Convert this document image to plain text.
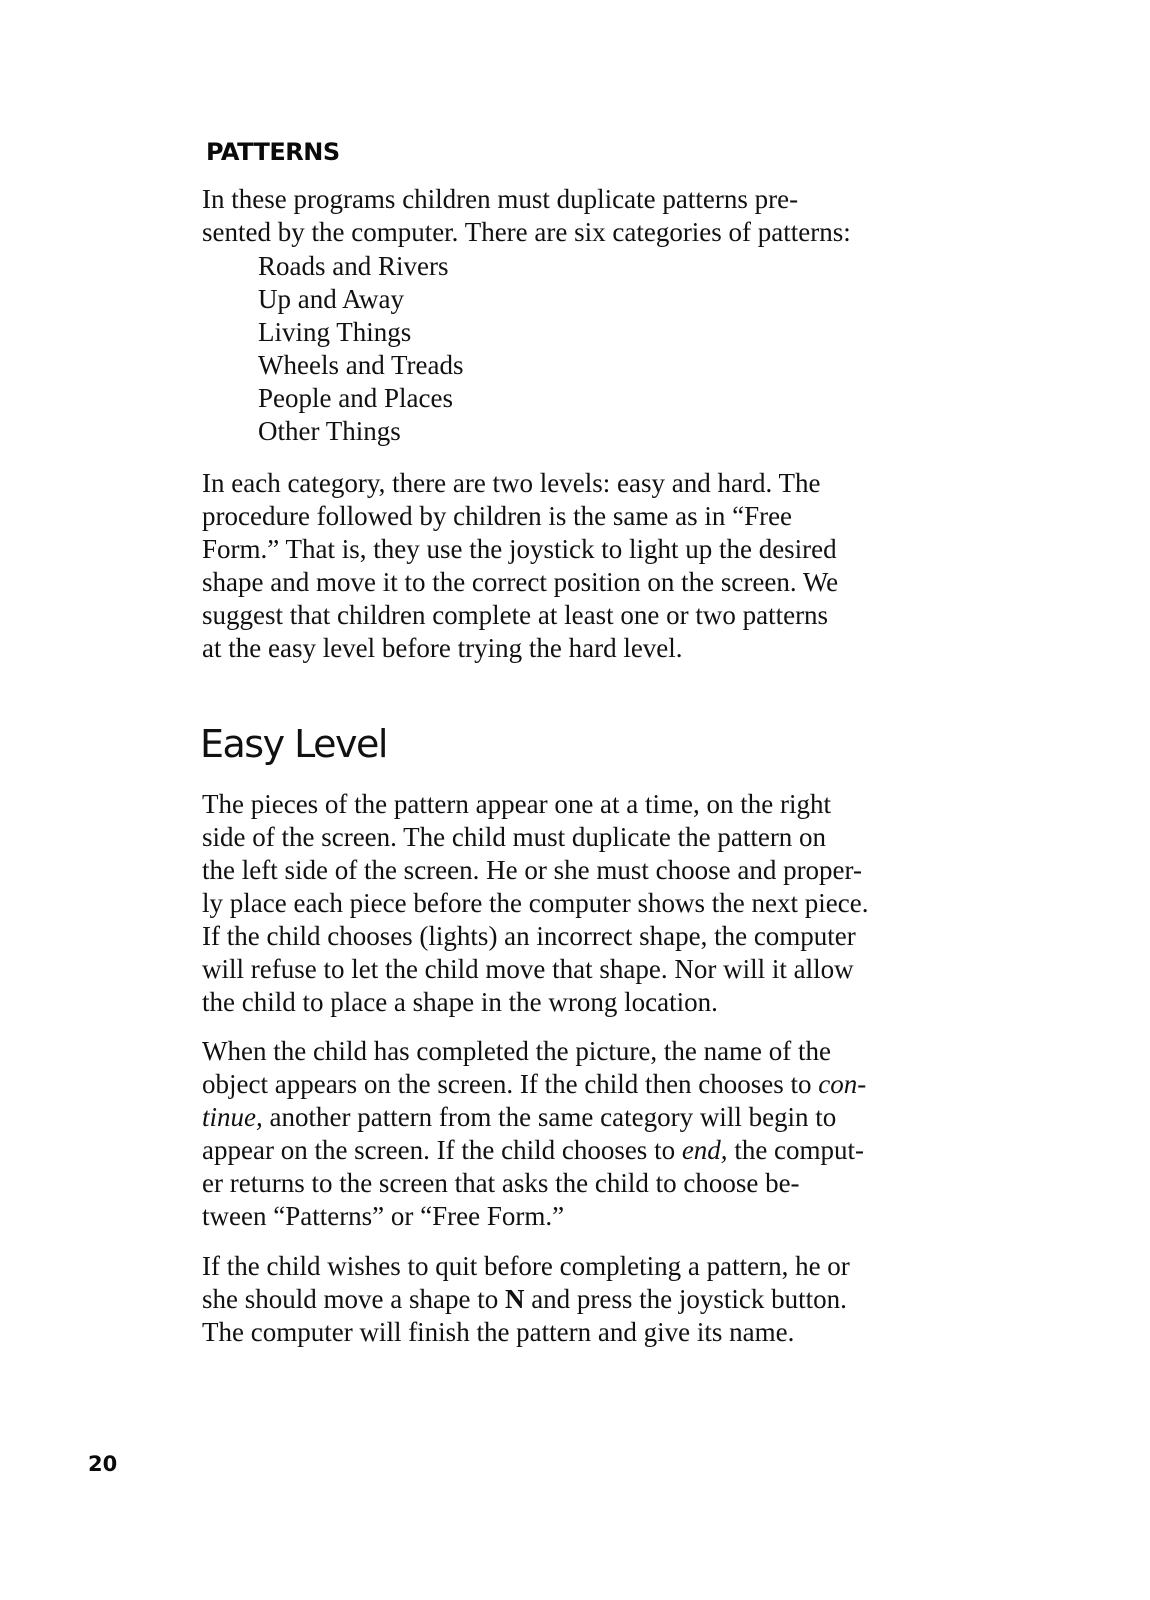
PATTERNS

In these programs children must duplicate patterns pre-
sented by the computer. There are six categories of patterns:

Roads and Rivers
Up and Away
Living Things
Wheels and Treads
People and Places
Other Things

In each category, there are two levels: easy and hard. The
procedure followed by children is the same as in “Free
Form.” That is, they use the joystick to light up the desired
shape and move it to the correct position on the screen. We
suggest that children complete at least one or two patterns
at the easy level before trying the hard level.

Easy Level

The pieces of the pattern appear one at a time, on the right
side of the screen. The child must duplicate the pattern on
the left side of the screen. He or she must choose and proper-
ly place each piece before the computer shows the next piece.
If the child chooses (lights) an incorrect shape, the computer
will refuse to let the child move that shape. Nor will it allow
the child to place a shape in the wrong location.

When the child has completed the picture, the name of the
object appears on the screen. If the child then chooses to con-
tinue, another pattern from the same category will begin to
appear on the screen. If the child chooses to end, the comput-
er returns to the screen that asks the child to choose be-
tween “Patterns” or “Free Form.”

If the child wishes to quit before completing a pattern, he or
she should move a shape to N and press the joystick button.
The computer will finish the pattern and give its name.

20
